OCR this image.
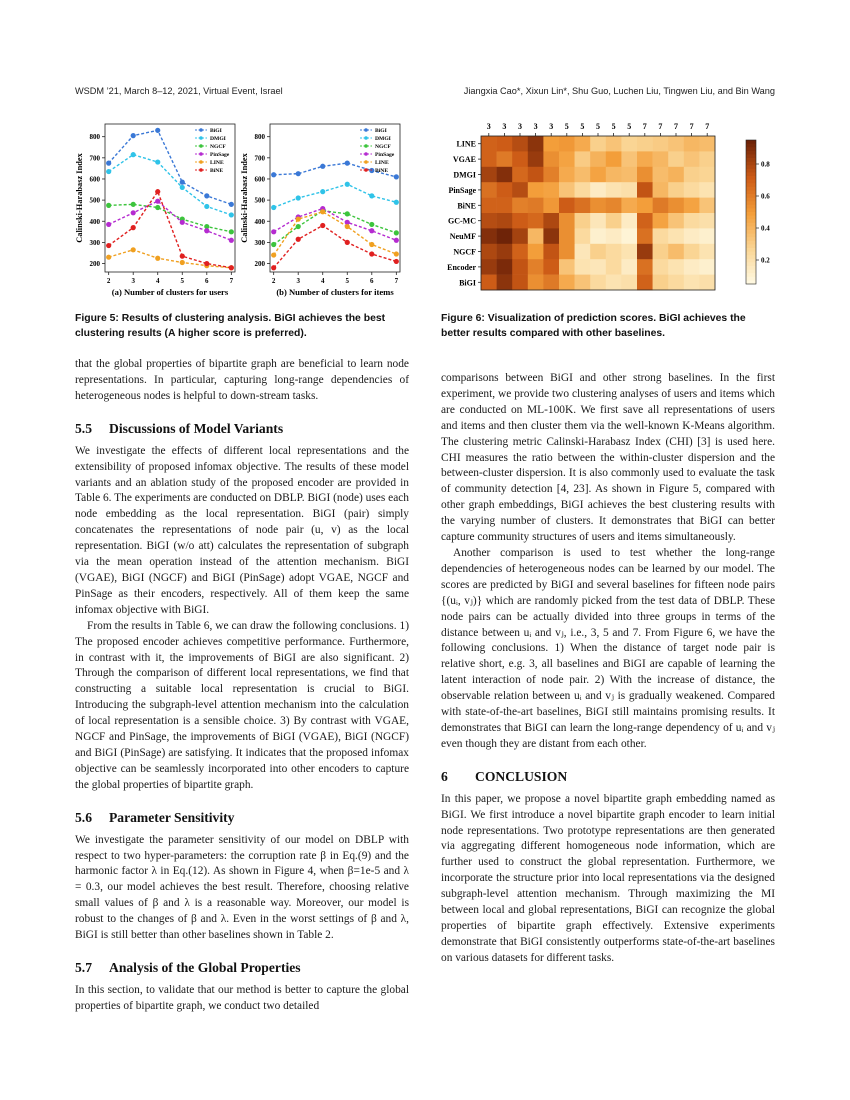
WSDM ’21, March 8–12, 2021, Virtual Event, Israel	Jiangxia Cao*, Xixun Lin*, Shu Guo, Luchen Liu, Tingwen Liu, and Bin Wang
200
300
400
500
600
700
800
2	3	4	5	6	7
(a) Number of clusters for users
Calinski-Harabasz Index
BiGI
DMGI
NGCF
PinSage
LINE
BiNE
200
300
400
500
600
700
800
2	3	4	5	6	7
(b) Number of clusters for items
Calinski-Harabasz Index
BiGI
DMGI
NGCF
PinSage
LINE
BiNE
3 3 3 3 3 5 5 5 5 5 7 7 7 7 7
LINE
VGAE
DMGI
PinSage
BiNE
GC-MC
NeuMF
NGCF
Encoder
BiGI
0.2
0.4
0.6
0.8
Figure 5: Results of clustering analysis. BiGI achieves the best clustering results (A higher score is preferred).
Figure 6: Visualization of prediction scores. BiGI achieves the better results compared with other baselines.

that the global properties of bipartite graph are beneficial to learn node representations. In particular, capturing long-range dependencies of heterogeneous nodes is helpful to down-stream tasks.

5.5 Discussions of Model Variants

We investigate the effects of different local representations and the extensibility of proposed infomax objective. The results of these model variants and an ablation study of the proposed encoder are provided in Table 6. The experiments are conducted on DBLP. BiGI (node) uses each node embedding as the local representation. BiGI (pair) simply concatenates the representations of node pair (u, v) as the local representation. BiGI (w/o att) calculates the representation of subgraph via the mean operation instead of the attention mechanism. BiGI (VGAE), BiGI (NGCF) and BiGI (PinSage) adopt VGAE, NGCF and PinSage as their encoders, respectively. All of them keep the same infomax objective with BiGI.

From the results in Table 6, we can draw the following conclusions. 1) The proposed encoder achieves competitive performance. Furthermore, in contrast with it, the improvements of BiGI are also significant. 2) Through the comparison of different local representations, we find that constructing a suitable local representation is crucial to BiGI. Introducing the subgraph-level attention mechanism into the calculation of local representation is a sensible choice. 3) By contrast with VGAE, NGCF and PinSage, the improvements of BiGI (VGAE), BiGI (NGCF) and BiGI (PinSage) are satisfying. It indicates that the proposed infomax objective can be seamlessly incorporated into other encoders to capture the global properties of bipartite graph.

5.6 Parameter Sensitivity

We investigate the parameter sensitivity of our model on DBLP with respect to two hyper-parameters: the corruption rate β in Eq.(9) and the harmonic factor λ in Eq.(12). As shown in Figure 4, when β=1e-5 and λ = 0.3, our model achieves the best result. Therefore, choosing relative small values of β and λ is a reasonable way. Moreover, our model is robust to the changes of β and λ. Even in the worst settings of β and λ, BiGI is still better than other baselines shown in Table 2.

5.7 Analysis of the Global Properties

In this section, to validate that our method is better to capture the global properties of bipartite graph, we conduct two detailed

comparisons between BiGI and other strong baselines. In the first experiment, we provide two clustering analyses of users and items which are conducted on ML-100K. We first save all representations of users and items and then cluster them via the well-known K-Means algorithm. The clustering metric Calinski-Harabasz Index (CHI) [3] is used here. CHI measures the ratio between the within-cluster dispersion and the between-cluster dispersion. It is also commonly used to evaluate the task of community detection [4, 23]. As shown in Figure 5, compared with other graph embeddings, BiGI achieves the best clustering results with the varying number of clusters. It demonstrates that BiGI can better capture community structures of users and items simultaneously.

Another comparison is used to test whether the long-range dependencies of heterogeneous nodes can be learned by our model. The scores are predicted by BiGI and several baselines for fifteen node pairs {(uᵢ, vⱼ)} which are randomly picked from the test data of DBLP. These node pairs can be actually divided into three groups in terms of the distance between uᵢ and vⱼ, i.e., 3, 5 and 7. From Figure 6, we have the following conclusions. 1) When the distance of target node pair is relative short, e.g. 3, all baselines and BiGI are capable of learning the latent interaction of node pair. 2) With the increase of distance, the observable relation between uᵢ and vⱼ is gradually weakened. Compared with state-of-the-art baselines, BiGI still maintains promising results. It demonstrates that BiGI can learn the long-range dependency of uᵢ and vⱼ even though they are distant from each other.

6 CONCLUSION

In this paper, we propose a novel bipartite graph embedding named as BiGI. We first introduce a novel bipartite graph encoder to learn initial node representations. Two prototype representations are then generated via aggregating different homogeneous node information, which are further used to construct the global representation. Furthermore, we incorporate the structure prior into local representations via the designed subgraph-level attention mechanism. Through maximizing the MI between local and global representations, BiGI can recognize the global properties of bipartite graph effectively. Extensive experiments demonstrate that BiGI consistently outperforms state-of-the-art baselines on various datasets for different tasks.
